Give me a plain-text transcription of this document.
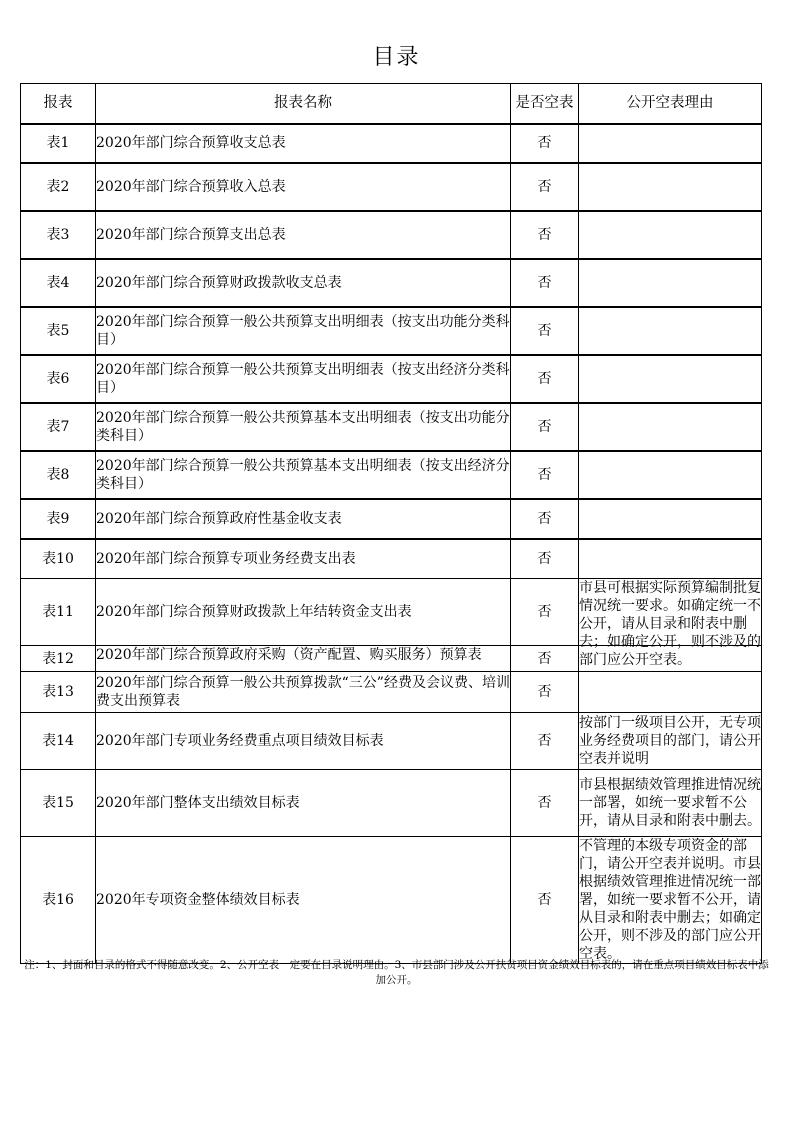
目录
报表	报表名称	是否空表	公开空表理由
表1	2020年部门综合预算收支总表	否	
表2	2020年部门综合预算收入总表	否	
表3	2020年部门综合预算支出总表	否	
表4	2020年部门综合预算财政拨款收支总表	否	
表5	2020年部门综合预算一般公共预算支出明细表（按支出功能分类科目）	否	
表6	2020年部门综合预算一般公共预算支出明细表（按支出经济分类科目）	否	
表7	2020年部门综合预算一般公共预算基本支出明细表（按支出功能分类科目）	否	
表8	2020年部门综合预算一般公共预算基本支出明细表（按支出经济分类科目）	否	
表9	2020年部门综合预算政府性基金收支表	否	
表10	2020年部门综合预算专项业务经费支出表	否	
表11	2020年部门综合预算财政拨款上年结转资金支出表	否	市县可根据实际预算编制批复情况统一要求。如确定统一不公开，请从目录和附表中删去；如确定公开，则不涉及的部门应公开空表。

表12	2020年部门综合预算政府采购（资产配置、购买服务）预算表	否	
表13	2020年部门综合预算一般公共预算拨款“三公”经费及会议费、培训费支出预算表	否	
表14	2020年部门专项业务经费重点项目绩效目标表	否	按部门一级项目公开，无专项业务经费项目的部门，请公开空表并说明
表15	2020年部门整体支出绩效目标表	否	市县根据绩效管理推进情况统一部署，如统一要求暂不公开，请从目录和附表中删去。
表16	2020年专项资金整体绩效目标表	否	不管理的本级专项资金的部门，请公开空表并说明。市县根据绩效管理推进情况统一部署，如统一要求暂不公开，请从目录和附表中删去；如确定公开，则不涉及的部门应公开空表。
注：1、封面和目录的格式不得随意改变。2、公开空表一定要在目录说明理由。3、市县部门涉及公开扶贫项目资金绩效目标表的，请在重点项目绩效目标表中添加公开。
